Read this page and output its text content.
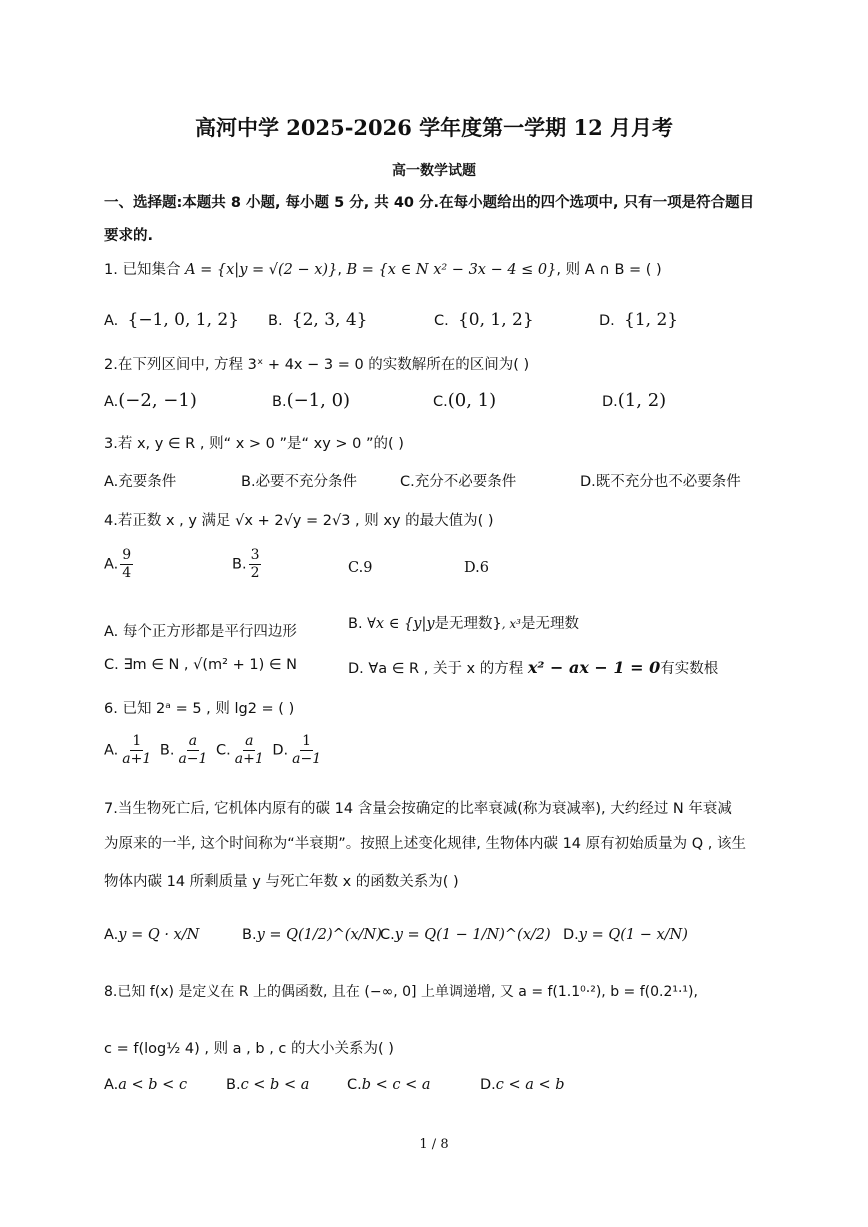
高河中学 2025-2026 学年度第一学期 12 月月考
高一数学试题
一、选择题:本题共 8 小题, 每小题 5 分, 共 40 分.在每小题给出的四个选项中, 只有一项是符合题目要求的.
1. 已知集合 A = {x|y = √(2 − x)}, B = {x ∈ N x² − 3x − 4 ≤ 0}, 则 A ∩ B = ( )
A. {−1, 0, 1, 2} B. {2, 3, 4}	C. {0, 1, 2}	D. {1, 2}
2.在下列区间中, 方程 3ˣ + 4x − 3 = 0 的实数解所在的区间为( )
A.(−2, −1)	B.(−1, 0)	C.(0, 1)	D.(1, 2)
3.若 x, y ∈ R , 则“ x > 0 ”是“ xy > 0 ”的( )
A.充要条件	B.必要不充分条件	C.充分不必要条件	D.既不充分也不必要条件
4.若正数 x , y 满足 √x + 2√y = 2√3 , 则 xy 的最大值为( )
A. $\frac{9}{4}$	B. $\frac{3}{2}$	C.9	D.6
A. 每个正方形都是平行四边形	B. ∀x ∈ {y|y是无理数}, x³是无理数
C. ∃m ∈ N , √(m² + 1) ∈ N	D. ∀a ∈ R , 关于 x 的方程 x² − ax − 1 = 0有实数根
6. 已知 2ᵃ = 5 , 则 lg2 = ( )
A. $\frac{1}{a+1} B$. $\frac{a}{a-1} C$. $\frac{a}{a+1} D$. $\frac{1}{a-1}$
7.当生物死亡后, 它机体内原有的碳 14 含量会按确定的比率衰减(称为衰减率), 大约经过 N 年衰减
为原来的一半, 这个时间称为“半衰期”。按照上述变化规律, 生物体内碳 14 原有初始质量为 Q , 该生
物体内碳 14 所剩质量 y 与死亡年数 x 的函数关系为( )
A.y = Q · x/N	B.y = Q(1/2)^(x/N)
C.y = Q(1 − 1/N)^(x/2) D.y = Q(1 − x/N)
8.已知 f(x) 是定义在 R 上的偶函数, 且在 (−∞, 0] 上单调递增, 又 a = f(1.1⁰·²), b = f(0.2¹·¹),
c = f(log½ 4) , 则 a , b , c 的大小关系为( )
A.a < b < c	B.c < b < a	C.b < c < a	D.c < a < b
1 / 8
